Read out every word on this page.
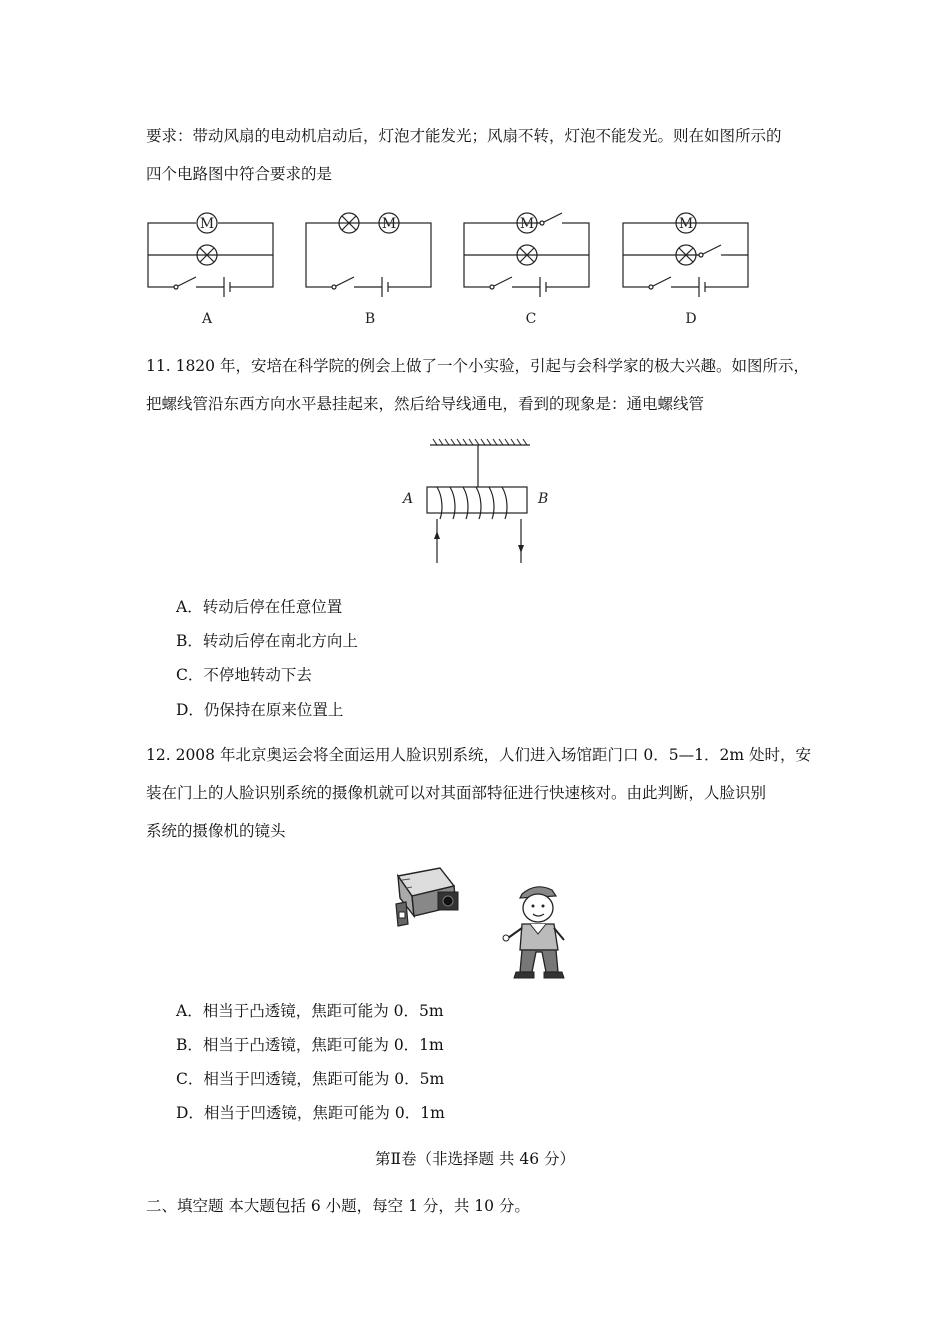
要求：带动风扇的电动机启动后，灯泡才能发光；风扇不转，灯泡不能发光。则在如图所示的
四个电路图中符合要求的是
M
A
M
B
M
C
M
D
11. 1820 年，安培在科学院的例会上做了一个小实验，引起与会科学家的极大兴趣。如图所示，
把螺线管沿东西方向水平悬挂起来，然后给导线通电，看到的现象是：通电螺线管
A	B
A．转动后停在任意位置
B．转动后停在南北方向上
C．不停地转动下去
D．仍保持在原来位置上
12. 2008 年北京奥运会将全面运用人脸识别系统，人们进入场馆距门口 0．5—1．2m 处时，安
装在门上的人脸识别系统的摄像机就可以对其面部特征进行快速核对。由此判断，人脸识别
系统的摄像机的镜头
A．相当于凸透镜，焦距可能为 0．5m
B．相当于凸透镜，焦距可能为 0．1m
C．相当于凹透镜，焦距可能为 0．5m
D．相当于凹透镜，焦距可能为 0．1m
第Ⅱ卷（非选择题 共 46 分）
二、填空题 本大题包括 6 小题，每空 1 分，共 10 分。
